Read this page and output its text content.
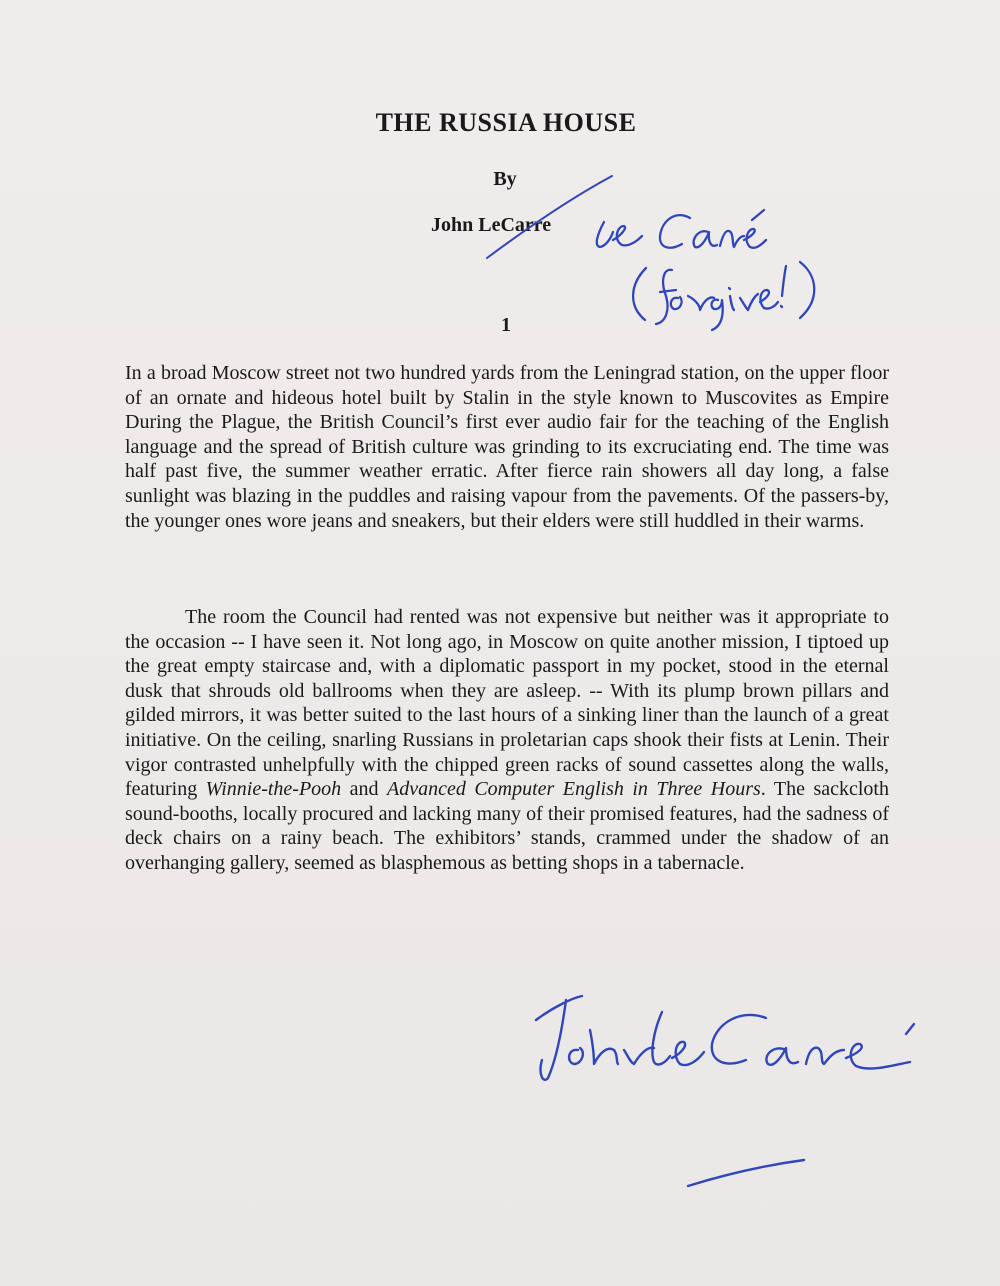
THE RUSSIA HOUSE

By

John LeCarre

1

In a broad Moscow street not two hundred yards from the Leningrad station, on the upper floor of an ornate and hideous hotel built by Stalin in the style known to Muscovites as Empire During the Plague, the British Council’s first ever audio fair for the teaching of the English language and the spread of British culture was grinding to its excruciating end. The time was half past five, the summer weather erratic. After fierce rain showers all day long, a false sunlight was blazing in the puddles and raising vapour from the pavements. Of the passers-by, the younger ones wore jeans and sneakers, but their elders were still huddled in their warms.

The room the Council had rented was not expensive but neither was it appropriate to the occasion -- I have seen it. Not long ago, in Moscow on quite another mission, I tiptoed up the great empty staircase and, with a diplomatic passport in my pocket, stood in the eternal dusk that shrouds old ballrooms when they are asleep. -- With its plump brown pillars and gilded mirrors, it was better suited to the last hours of a sinking liner than the launch of a great initiative. On the ceiling, snarling Russians in proletarian caps shook their fists at Lenin. Their vigor contrasted unhelpfully with the chipped green racks of sound cassettes along the walls, featuring Winnie-the-Pooh and Advanced Computer English in Three Hours. The sackcloth sound-booths, locally procured and lacking many of their promised features, had the sadness of deck chairs on a rainy beach. The exhibitors’ stands, crammed under the shadow of an overhanging gallery, seemed as blasphemous as betting shops in a tabernacle.
